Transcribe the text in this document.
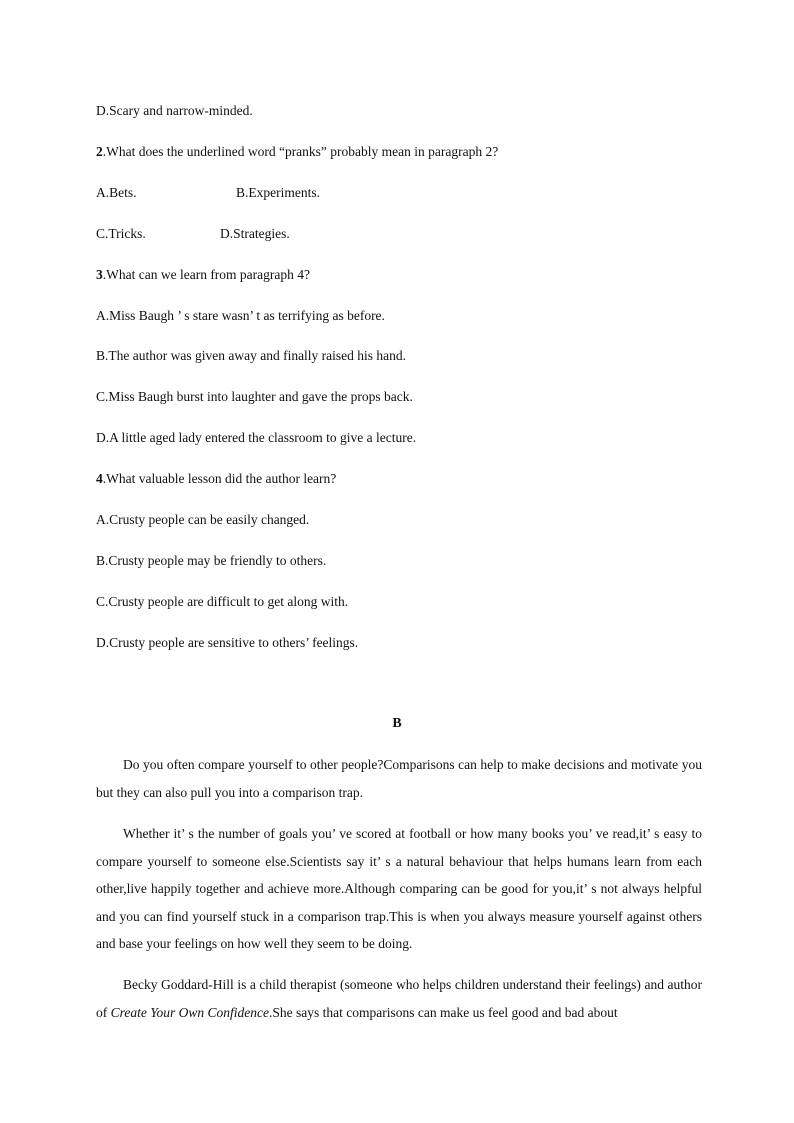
D.Scary and narrow-minded.
2.What does the underlined word “pranks” probably mean in paragraph 2?
A.Bets.	B.Experiments.
C.Tricks.	D.Strategies.
3.What can we learn from paragraph 4?
A.Miss Baugh ’ s stare wasn’ t as terrifying as before.
B.The author was given away and finally raised his hand.
C.Miss Baugh burst into laughter and gave the props back.
D.A little aged lady entered the classroom to give a lecture.
4.What valuable lesson did the author learn?
A.Crusty people can be easily changed.
B.Crusty people may be friendly to others.
C.Crusty people are difficult to get along with.
D.Crusty people are sensitive to others’ feelings.
B

Do you often compare yourself to other people?Comparisons can help to make decisions and motivate you but they can also pull you into a comparison trap.

Whether it’ s the number of goals you’ ve scored at football or how many books you’ ve read,it’ s easy to compare yourself to someone else.Scientists say it’ s a natural behaviour that helps humans learn from each other,live happily together and achieve more.Although comparing can be good for you,it’ s not always helpful and you can find yourself stuck in a comparison trap.This is when you always measure yourself against others and base your feelings on how well they seem to be doing.

Becky Goddard-Hill is a child therapist (someone who helps children understand their feelings) and author of Create Your Own Confidence.She says that comparisons can make us feel good and bad about
